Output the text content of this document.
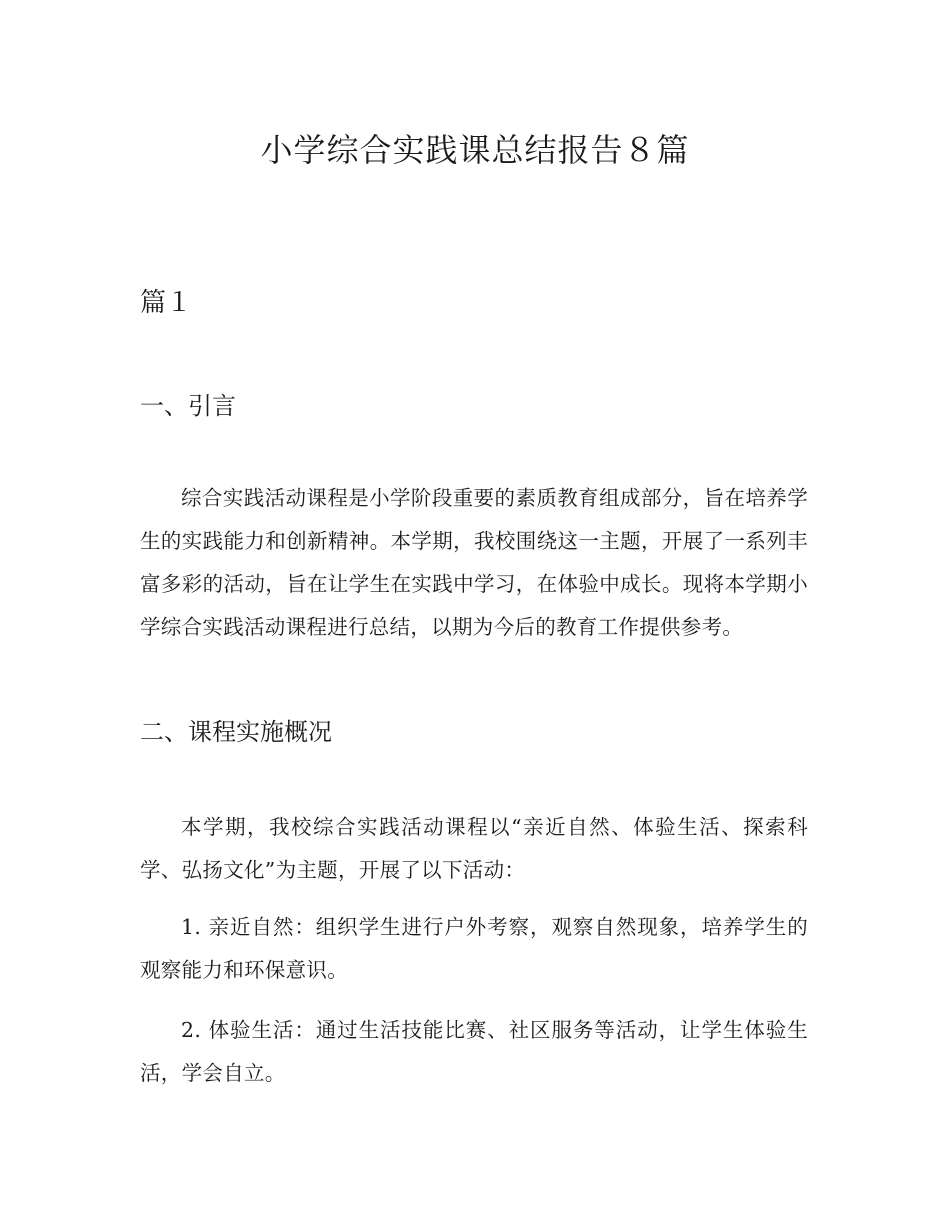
小学综合实践课总结报告８篇
篇１
一、引言

综合实践活动课程是小学阶段重要的素质教育组成部分，旨在培养学生的实践能力和创新精神。本学期，我校围绕这一主题，开展了一系列丰富多彩的活动，旨在让学生在实践中学习，在体验中成长。现将本学期小学综合实践活动课程进行总结，以期为今后的教育工作提供参考。

二、课程实施概况

本学期，我校综合实践活动课程以“亲近自然、体验生活、探索科学、弘扬文化”为主题，开展了以下活动：

1. 亲近自然：组织学生进行户外考察，观察自然现象，培养学生的观察能力和环保意识。

2. 体验生活：通过生活技能比赛、社区服务等活动，让学生体验生活，学会自立。
